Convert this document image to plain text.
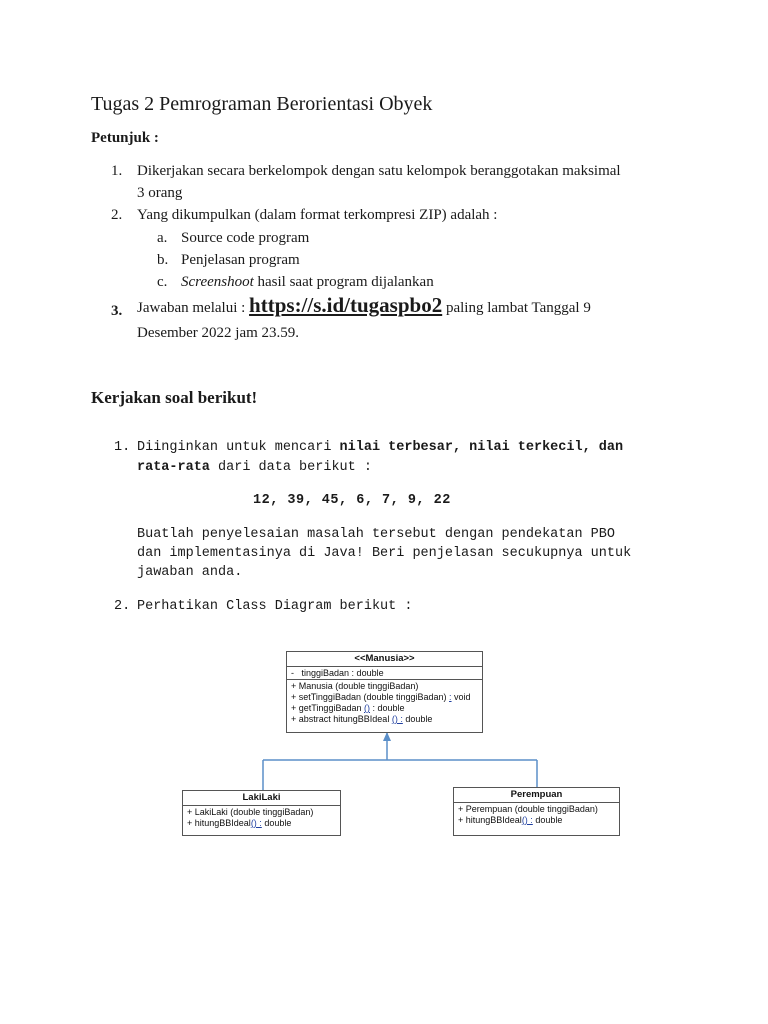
Tugas 2 Pemrograman Berorientasi Obyek
Petunjuk :
1. Dikerjakan secara berkelompok dengan satu kelompok beranggotakan maksimal
3 orang
2. Yang dikumpulkan (dalam format terkompresi ZIP) adalah :
a. Source code program
b. Penjelasan program
c. Screenshoot hasil saat program dijalankan
3. Jawaban melalui : https://s.id/tugaspbo2 paling lambat Tanggal 9
Desember 2022 jam 23.59.
Kerjakan soal berikut!
1. Diinginkan untuk mencari nilai terbesar, nilai terkecil, dan
rata-rata dari data berikut :
12, 39, 45, 6, 7, 9, 22
Buatlah penyelesaian masalah tersebut dengan pendekatan PBO
dan implementasinya di Java! Beri penjelasan secukupnya untuk
jawaban anda.
2. Perhatikan Class Diagram berikut :
<<Manusia>>
- tinggiBadan : double
+ Manusia (double tinggiBadan)
+ setTinggiBadan (double tinggiBadan) : void
+ getTinggiBadan () : double
+ abstract hitungBBIdeal () : double
LakiLaki
+ LakiLaki (double tinggiBadan)
+ hitungBBIdeal() : double
Perempuan
+ Perempuan (double tinggiBadan)
+ hitungBBIdeal() : double
